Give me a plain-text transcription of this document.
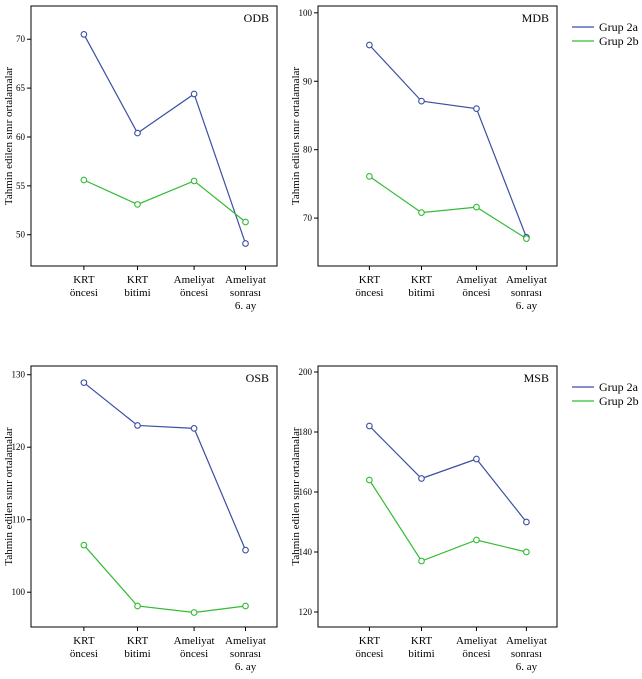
ODB
50
55
60
65
70
Tahmin edilen sınır ortalamalar
KRT öncesi
KRT bitimi
Ameliyat öncesi
Ameliyat sonrası 6. ay
MDB
70
80
90
100
Tahmin edilen sınır ortalamalar
KRT öncesi
KRT bitimi
Ameliyat öncesi
Ameliyat sonrası 6. ay
OSB
100
110
120
130
Tahmin edilen sınır ortalamalar
KRT öncesi
KRT bitimi
Ameliyat öncesi
Ameliyat sonrası 6. ay
MSB
120
140
160
180
200
Tahmin edilen sınır ortalamalar
KRT öncesi
KRT bitimi
Ameliyat öncesi
Ameliyat sonrası 6. ay
Grup 2a
Grup 2b
Grup 2a
Grup 2b
